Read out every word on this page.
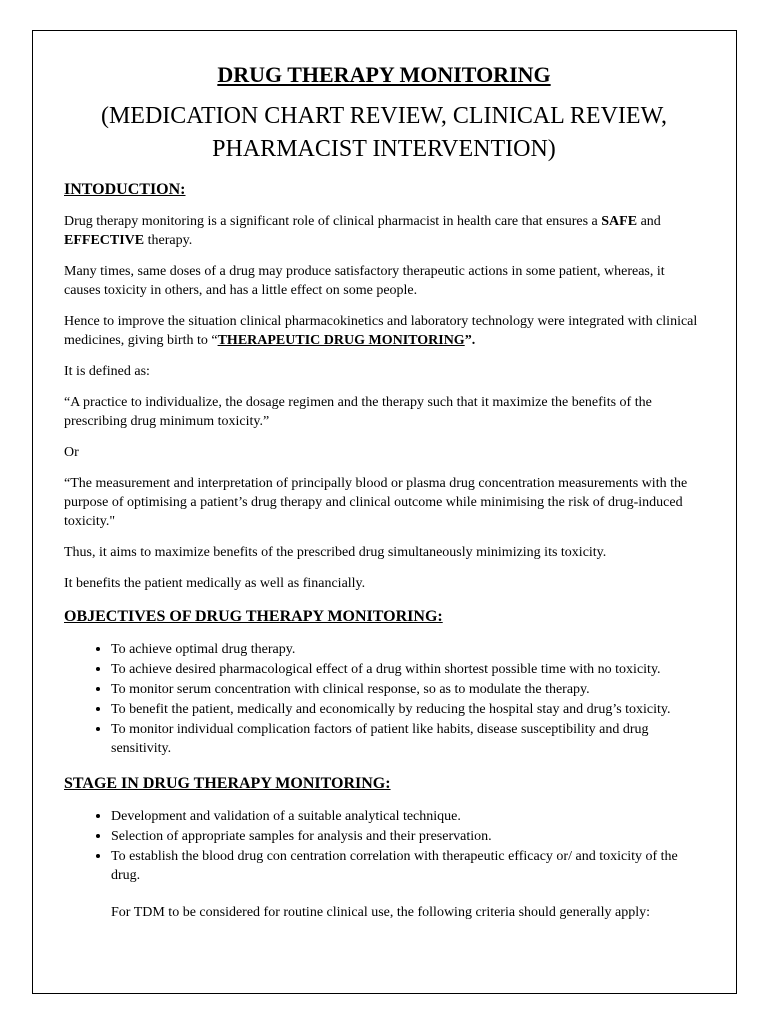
DRUG THERAPY MONITORING
(MEDICATION CHART REVIEW, CLINICAL REVIEW, PHARMACIST INTERVENTION)
INTODUCTION:

Drug therapy monitoring is a significant role of clinical pharmacist in health care that ensures a SAFE and EFFECTIVE therapy.

Many times, same doses of a drug may produce satisfactory therapeutic actions in some patient, whereas, it causes toxicity in others, and has a little effect on some people.

Hence to improve the situation clinical pharmacokinetics and laboratory technology were integrated with clinical medicines, giving birth to “THERAPEUTIC DRUG MONITORING”.

It is defined as:

“A practice to individualize, the dosage regimen and the therapy such that it maximize the benefits of the prescribing drug minimum toxicity.”

Or

“The measurement and interpretation of principally blood or plasma drug concentration measurements with the purpose of optimising a patient’s drug therapy and clinical outcome while minimising the risk of drug-induced toxicity."

Thus, it aims to maximize benefits of the prescribed drug simultaneously minimizing its toxicity.

It benefits the patient medically as well as financially.

OBJECTIVES OF DRUG THERAPY MONITORING:
• To achieve optimal drug therapy.
• To achieve desired pharmacological effect of a drug within shortest possible time with no toxicity.
• To monitor serum concentration with clinical response, so as to modulate the therapy.
• To benefit the patient, medically and economically by reducing the hospital stay and drug’s toxicity.
• To monitor individual complication factors of patient like habits, disease susceptibility and drug sensitivity.
STAGE IN DRUG THERAPY MONITORING:
• Development and validation of a suitable analytical technique.
• Selection of appropriate samples for analysis and their preservation.
• To establish the blood drug con centration correlation with therapeutic efficacy or/ and toxicity of the drug.

For TDM to be considered for routine clinical use, the following criteria should generally apply:
